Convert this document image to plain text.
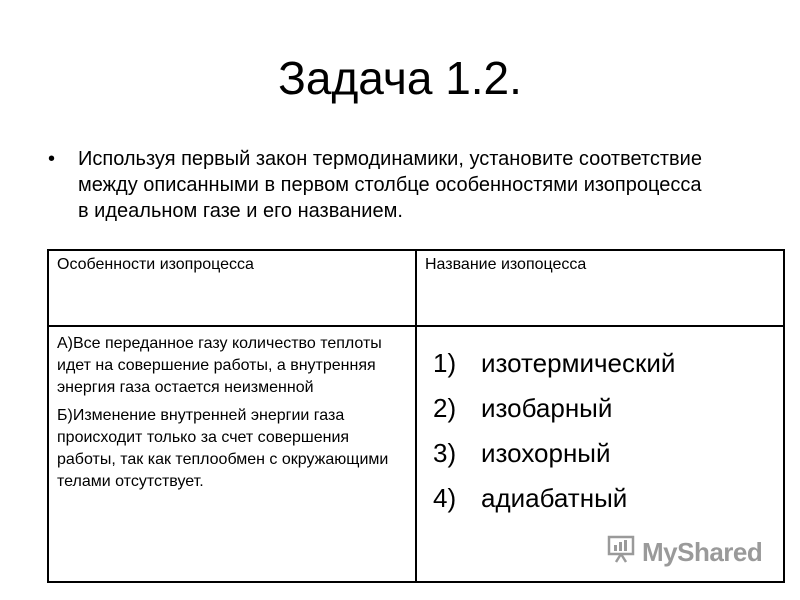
Задача 1.2.
• Используя первый закон термодинамики, установите соответствие между описанными в первом столбце особенностями изопроцесса в идеальном газе и его названием.
Особенности изопроцесса	Название изопоцесса

А)Все переданное газу количество теплоты идет на совершение работы, а внутренняя энергия газа остается неизменной

Б)Изменение внутренней энергии газа происходит только за счет совершения работы, так как теплообмен с окружающими телами отсутствует.

1) изотермический
2) изобарный
3) изохорный
4) адиабатный
MyShared
